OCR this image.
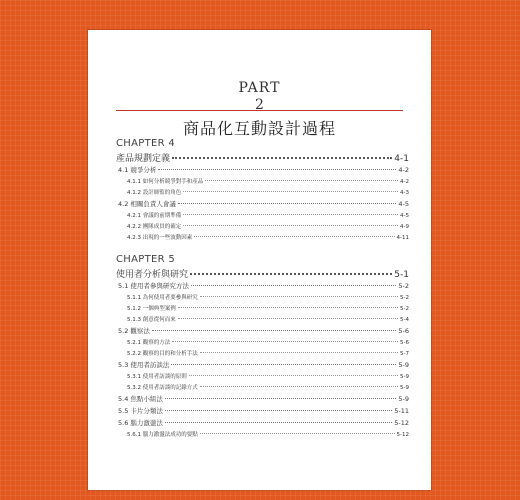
PART
2
商品化互動設計過程
CHAPTER 4
產品規劃定義	4-1
4.1 競爭分析	4-2
4.1.1 如何分析競爭對手和產品	4-2
4.1.2 設計師監的角色	4-3
4.2 相關負責人會議	4-5
4.2.1 會議的前期準備	4-5
4.2.2 團隊成員的確定	4-9
4.2.3 出現的一些波動因素	4-11
CHAPTER 5
使用者分析與研究	5-1
5.1 使用者參與研究方法	5-2
5.1.1 為何使用者要參與研究	5-2
5.1.2 一個典型案例	5-2
5.1.3 創意從何而來	5-4
5.2 觀察法	5-6
5.2.1 觀察的方法	5-6
5.2.2 觀察的目的和分析手法	5-7
5.3 使用者訪談法	5-9
5.3.1 使用者訪談的原則	5-9
5.3.2 使用者訪談的記錄方式	5-9
5.4 焦點小組法	5-9
5.5 卡片分類法	5-11
5.6 腦力激盪法	5-12
5.6.1 腦力激盪法成功的要點	5-12
